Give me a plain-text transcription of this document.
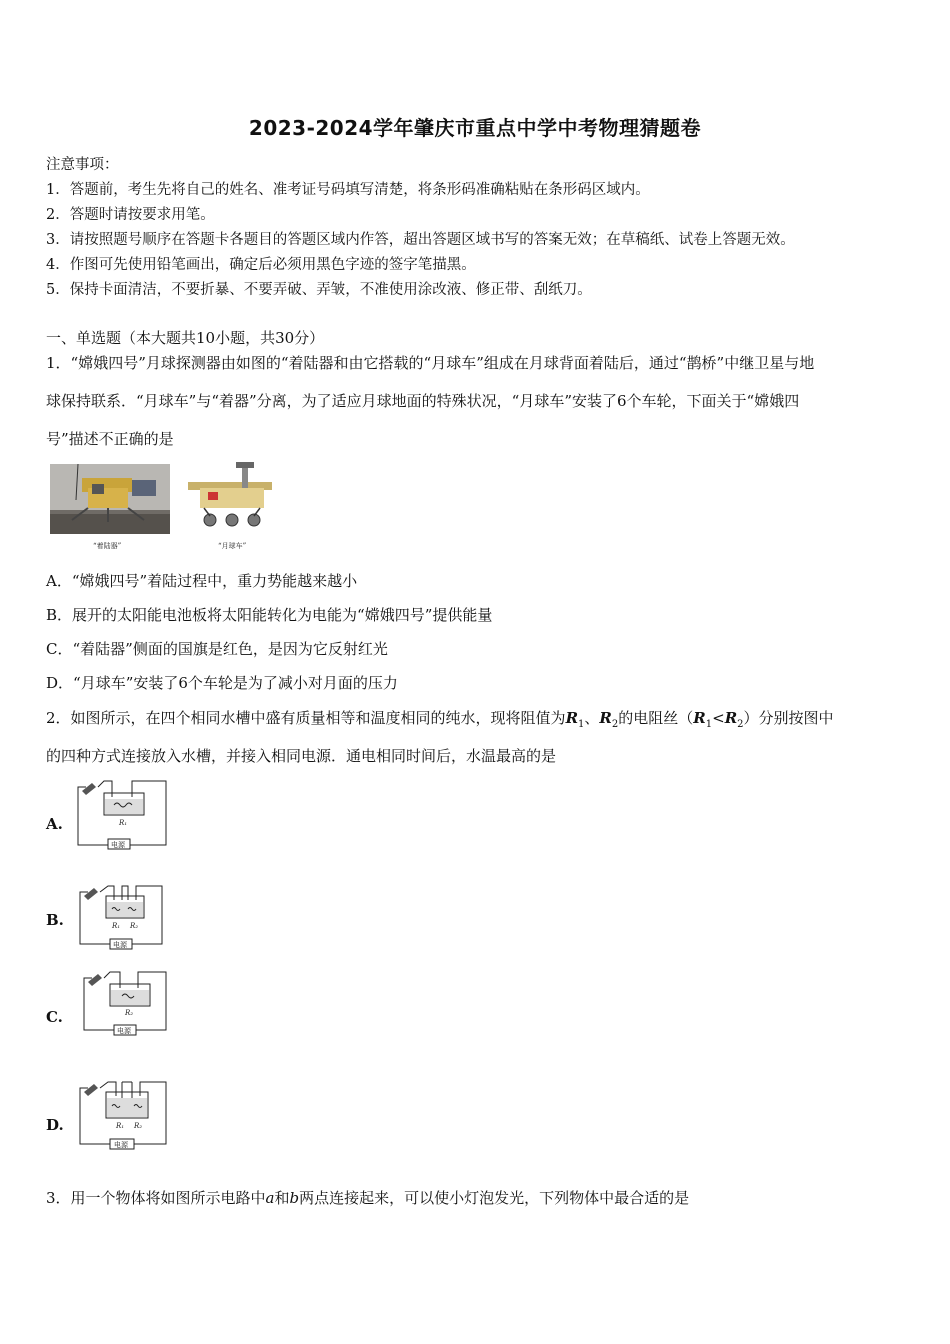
2023-2024学年肇庆市重点中学中考物理猜题卷
注意事项：
1．答题前，考生先将自己的姓名、准考证号码填写清楚，将条形码准确粘贴在条形码区域内。
2．答题时请按要求用笔。
3．请按照题号顺序在答题卡各题目的答题区域内作答，超出答题区域书写的答案无效；在草稿纸、试卷上答题无效。
4．作图可先使用铅笔画出，确定后必须用黑色字迹的签字笔描黑。
5．保持卡面清洁，不要折暴、不要弄破、弄皱，不准使用涂改液、修正带、刮纸刀。
一、单选题（本大题共10小题，共30分）
1．“嫦娥四号”月球探测器由如图的“着陆器和由它搭载的“月球车”组成在月球背面着陆后，通过“鹊桥”中继卫星与地
球保持联系．“月球车”与“着器”分离，为了适应月球地面的特殊状况，“月球车”安装了6个车轮，下面关于“嫦娥四
号”描述不正确的是
“着陆器”	“月球车”
A．“嫦娥四号”着陆过程中，重力势能越来越小
B．展开的太阳能电池板将太阳能转化为电能为“嫦娥四号”提供能量
C．“着陆器”侧面的国旗是红色，是因为它反射红光
D．“月球车”安装了6个车轮是为了减小对月面的压力
2．如图所示，在四个相同水槽中盛有质量相等和温度相同的纯水，现将阻值为$R_1$、$R_2$的电阻丝$(R_1<R_2)$分别按图中
的四种方式连接放入水槽，并接入相同电源．通电相同时间后，水温最高的是
A.	R₁
电源
B.	R₁ R₂
电源
C.	R₂
电源
D.	R₁ R₂
电源
3．用一个物体将如图所示电路中a和b两点连接起来，可以使小灯泡发光，下列物体中最合适的是
